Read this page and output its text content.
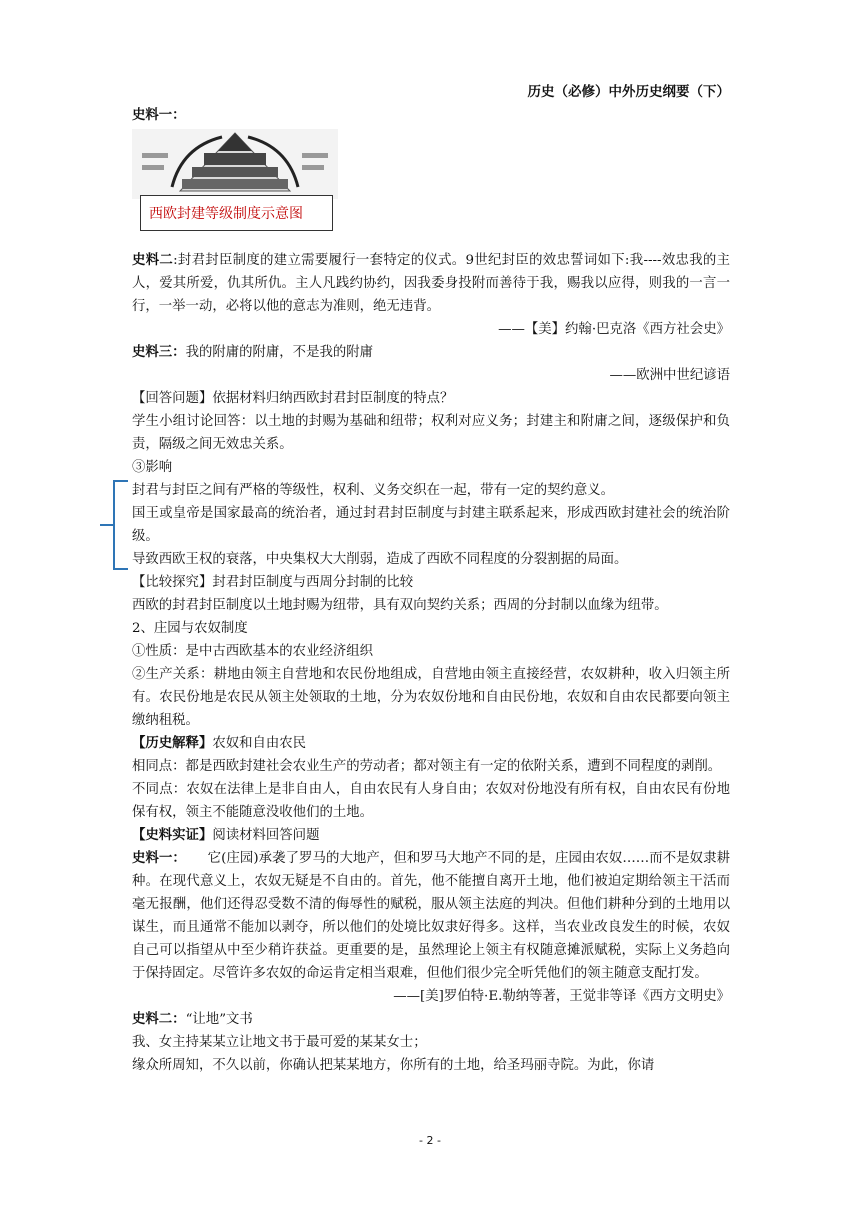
历史（必修）中外历史纲要（下）

史料一：

西欧封建等级制度示意图

史料二:封君封臣制度的建立需要履行一套特定的仪式。9世纪封臣的效忠誓词如下:我----效忠我的主人，爱其所爱，仇其所仇。主人凡践约协约，因我委身投附而善待于我，赐我以应得，则我的一言一行，一举一动，必将以他的意志为准则，绝无违背。

——【美】约翰·巴克洛《西方社会史》

史料三：我的附庸的附庸，不是我的附庸

——欧洲中世纪谚语

【回答问题】依据材料归纳西欧封君封臣制度的特点？

学生小组讨论回答：以土地的封赐为基础和纽带；权利对应义务；封建主和附庸之间，逐级保护和负责，隔级之间无效忠关系。

③影响

封君与封臣之间有严格的等级性，权利、义务交织在一起，带有一定的契约意义。

国王或皇帝是国家最高的统治者，通过封君封臣制度与封建主联系起来，形成西欧封建社会的统治阶级。

导致西欧王权的衰落，中央集权大大削弱，造成了西欧不同程度的分裂割据的局面。

【比较探究】封君封臣制度与西周分封制的比较

西欧的封君封臣制度以土地封赐为纽带，具有双向契约关系；西周的分封制以血缘为纽带。

2、庄园与农奴制度

①性质：是中古西欧基本的农业经济组织

②生产关系：耕地由领主自营地和农民份地组成，自营地由领主直接经营，农奴耕种，收入归领主所有。农民份地是农民从领主处领取的土地，分为农奴份地和自由民份地，农奴和自由农民都要向领主缴纳租税。

【历史解释】农奴和自由农民

相同点：都是西欧封建社会农业生产的劳动者；都对领主有一定的依附关系，遭到不同程度的剥削。

不同点：农奴在法律上是非自由人，自由农民有人身自由；农奴对份地没有所有权，自由农民有份地保有权，领主不能随意没收他们的土地。

【史料实证】阅读材料回答问题

史料一： 它(庄园)承袭了罗马的大地产，但和罗马大地产不同的是，庄园由农奴……而不是奴隶耕种。在现代意义上，农奴无疑是不自由的。首先，他不能擅自离开土地，他们被迫定期给领主干活而毫无报酬，他们还得忍受数不清的侮辱性的赋税，服从领主法庭的判决。但他们耕种分到的土地用以谋生，而且通常不能加以剥夺，所以他们的处境比奴隶好得多。这样，当农业改良发生的时候，农奴自己可以指望从中至少稍许获益。更重要的是，虽然理论上领主有权随意摊派赋税，实际上义务趋向于保持固定。尽管许多农奴的命运肯定相当艰难，但他们很少完全听凭他们的领主随意支配打发。

——[美]罗伯特·E.勒纳等著，王觉非等译《西方文明史》

史料二：“让地”文书

我、女主持某某立让地文书于最可爱的某某女士；

缘众所周知，不久以前，你确认把某某地方，你所有的土地，给圣玛丽寺院。为此，你请

- 2 -
